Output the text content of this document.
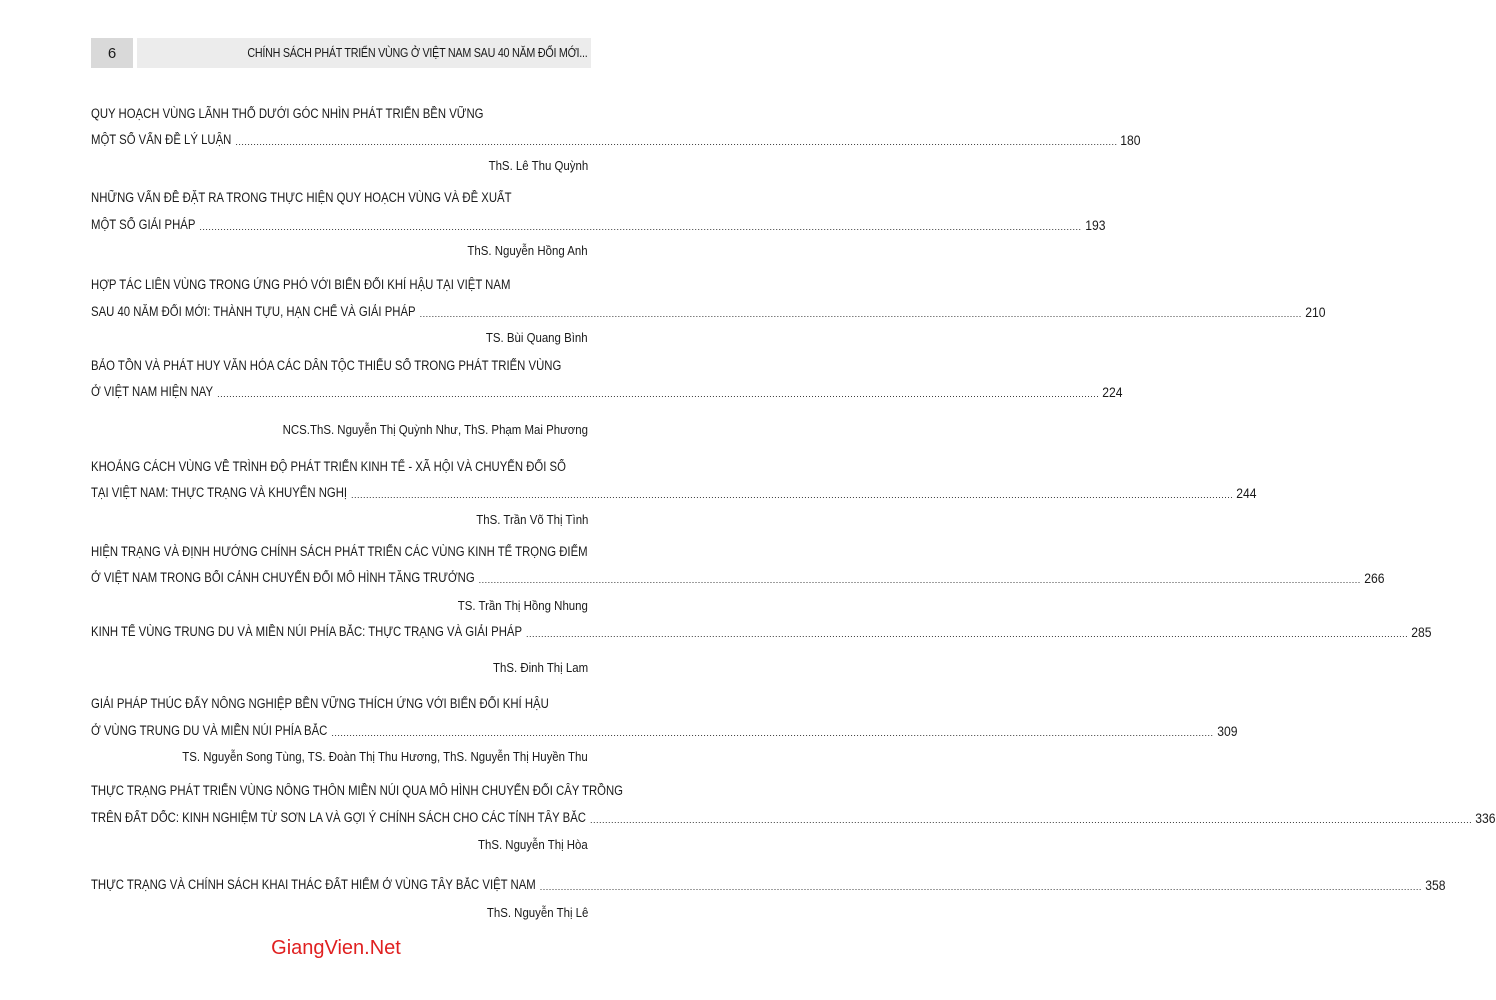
6	CHÍNH SÁCH PHÁT TRIỂN VÙNG Ở VIỆT NAM SAU 40 NĂM ĐỔI MỚI...
QUY HOẠCH VÙNG LÃNH THỔ DƯỚI GÓC NHÌN PHÁT TRIỂN BỀN VỮNG
MỘT SỐ VẤN ĐỀ LÝ LUẬN .....	180
ThS. Lê Thu Quỳnh
NHỮNG VẤN ĐỀ ĐẶT RA TRONG THỰC HIỆN QUY HOẠCH VÙNG VÀ ĐỀ XUẤT
MỘT SỐ GIẢI PHÁP .....	193
ThS. Nguyễn Hồng Anh
HỢP TÁC LIÊN VÙNG TRONG ỨNG PHÓ VỚI BIẾN ĐỔI KHÍ HẬU TẠI VIỆT NAM
SAU 40 NĂM ĐỔI MỚI: THÀNH TỰU, HẠN CHẾ VÀ GIẢI PHÁP .....	210
TS. Bùi Quang Bình
BẢO TỒN VÀ PHÁT HUY VĂN HÓA CÁC DÂN TỘC THIỂU SỐ TRONG PHÁT TRIỂN VÙNG
Ở VIỆT NAM HIỆN NAY .....	224
NCS.ThS. Nguyễn Thị Quỳnh Như, ThS. Phạm Mai Phương
KHOẢNG CÁCH VÙNG VỀ TRÌNH ĐỘ PHÁT TRIỂN KINH TẾ - XÃ HỘI VÀ CHUYỂN ĐỔI SỐ
TẠI VIỆT NAM: THỰC TRẠNG VÀ KHUYẾN NGHỊ .....	244
ThS. Trần Võ Thị Tình
HIỆN TRẠNG VÀ ĐỊNH HƯỚNG CHÍNH SÁCH PHÁT TRIỂN CÁC VÙNG KINH TẾ TRỌNG ĐIỂM
Ở VIỆT NAM TRONG BỐI CẢNH CHUYỂN ĐỔI MÔ HÌNH TĂNG TRƯỞNG .....	266
TS. Trần Thị Hồng Nhung
KINH TẾ VÙNG TRUNG DU VÀ MIỀN NÚI PHÍA BẮC: THỰC TRẠNG VÀ GIẢI PHÁP .....	285
ThS. Đinh Thị Lam
GIẢI PHÁP THÚC ĐẨY NÔNG NGHIỆP BỀN VỮNG THÍCH ỨNG VỚI BIẾN ĐỔI KHÍ HẬU
Ở VÙNG TRUNG DU VÀ MIỀN NÚI PHÍA BẮC .....	309
TS. Nguyễn Song Tùng, TS. Đoàn Thị Thu Hương, ThS. Nguyễn Thị Huyền Thu
THỰC TRẠNG PHÁT TRIỂN VÙNG NÔNG THÔN MIỀN NÚI QUA MÔ HÌNH CHUYỂN ĐỔI CÂY TRỒNG
TRÊN ĐẤT DỐC: KINH NGHIỆM TỪ SƠN LA VÀ GỢI Ý CHÍNH SÁCH CHO CÁC TỈNH TÂY BẮC .....	336
ThS. Nguyễn Thị Hòa
THỰC TRẠNG VÀ CHÍNH SÁCH KHAI THÁC ĐẤT HIẾM Ở VÙNG TÂY BẮC VIỆT NAM .....	358
ThS. Nguyễn Thị Lê
GiangVien.Net
